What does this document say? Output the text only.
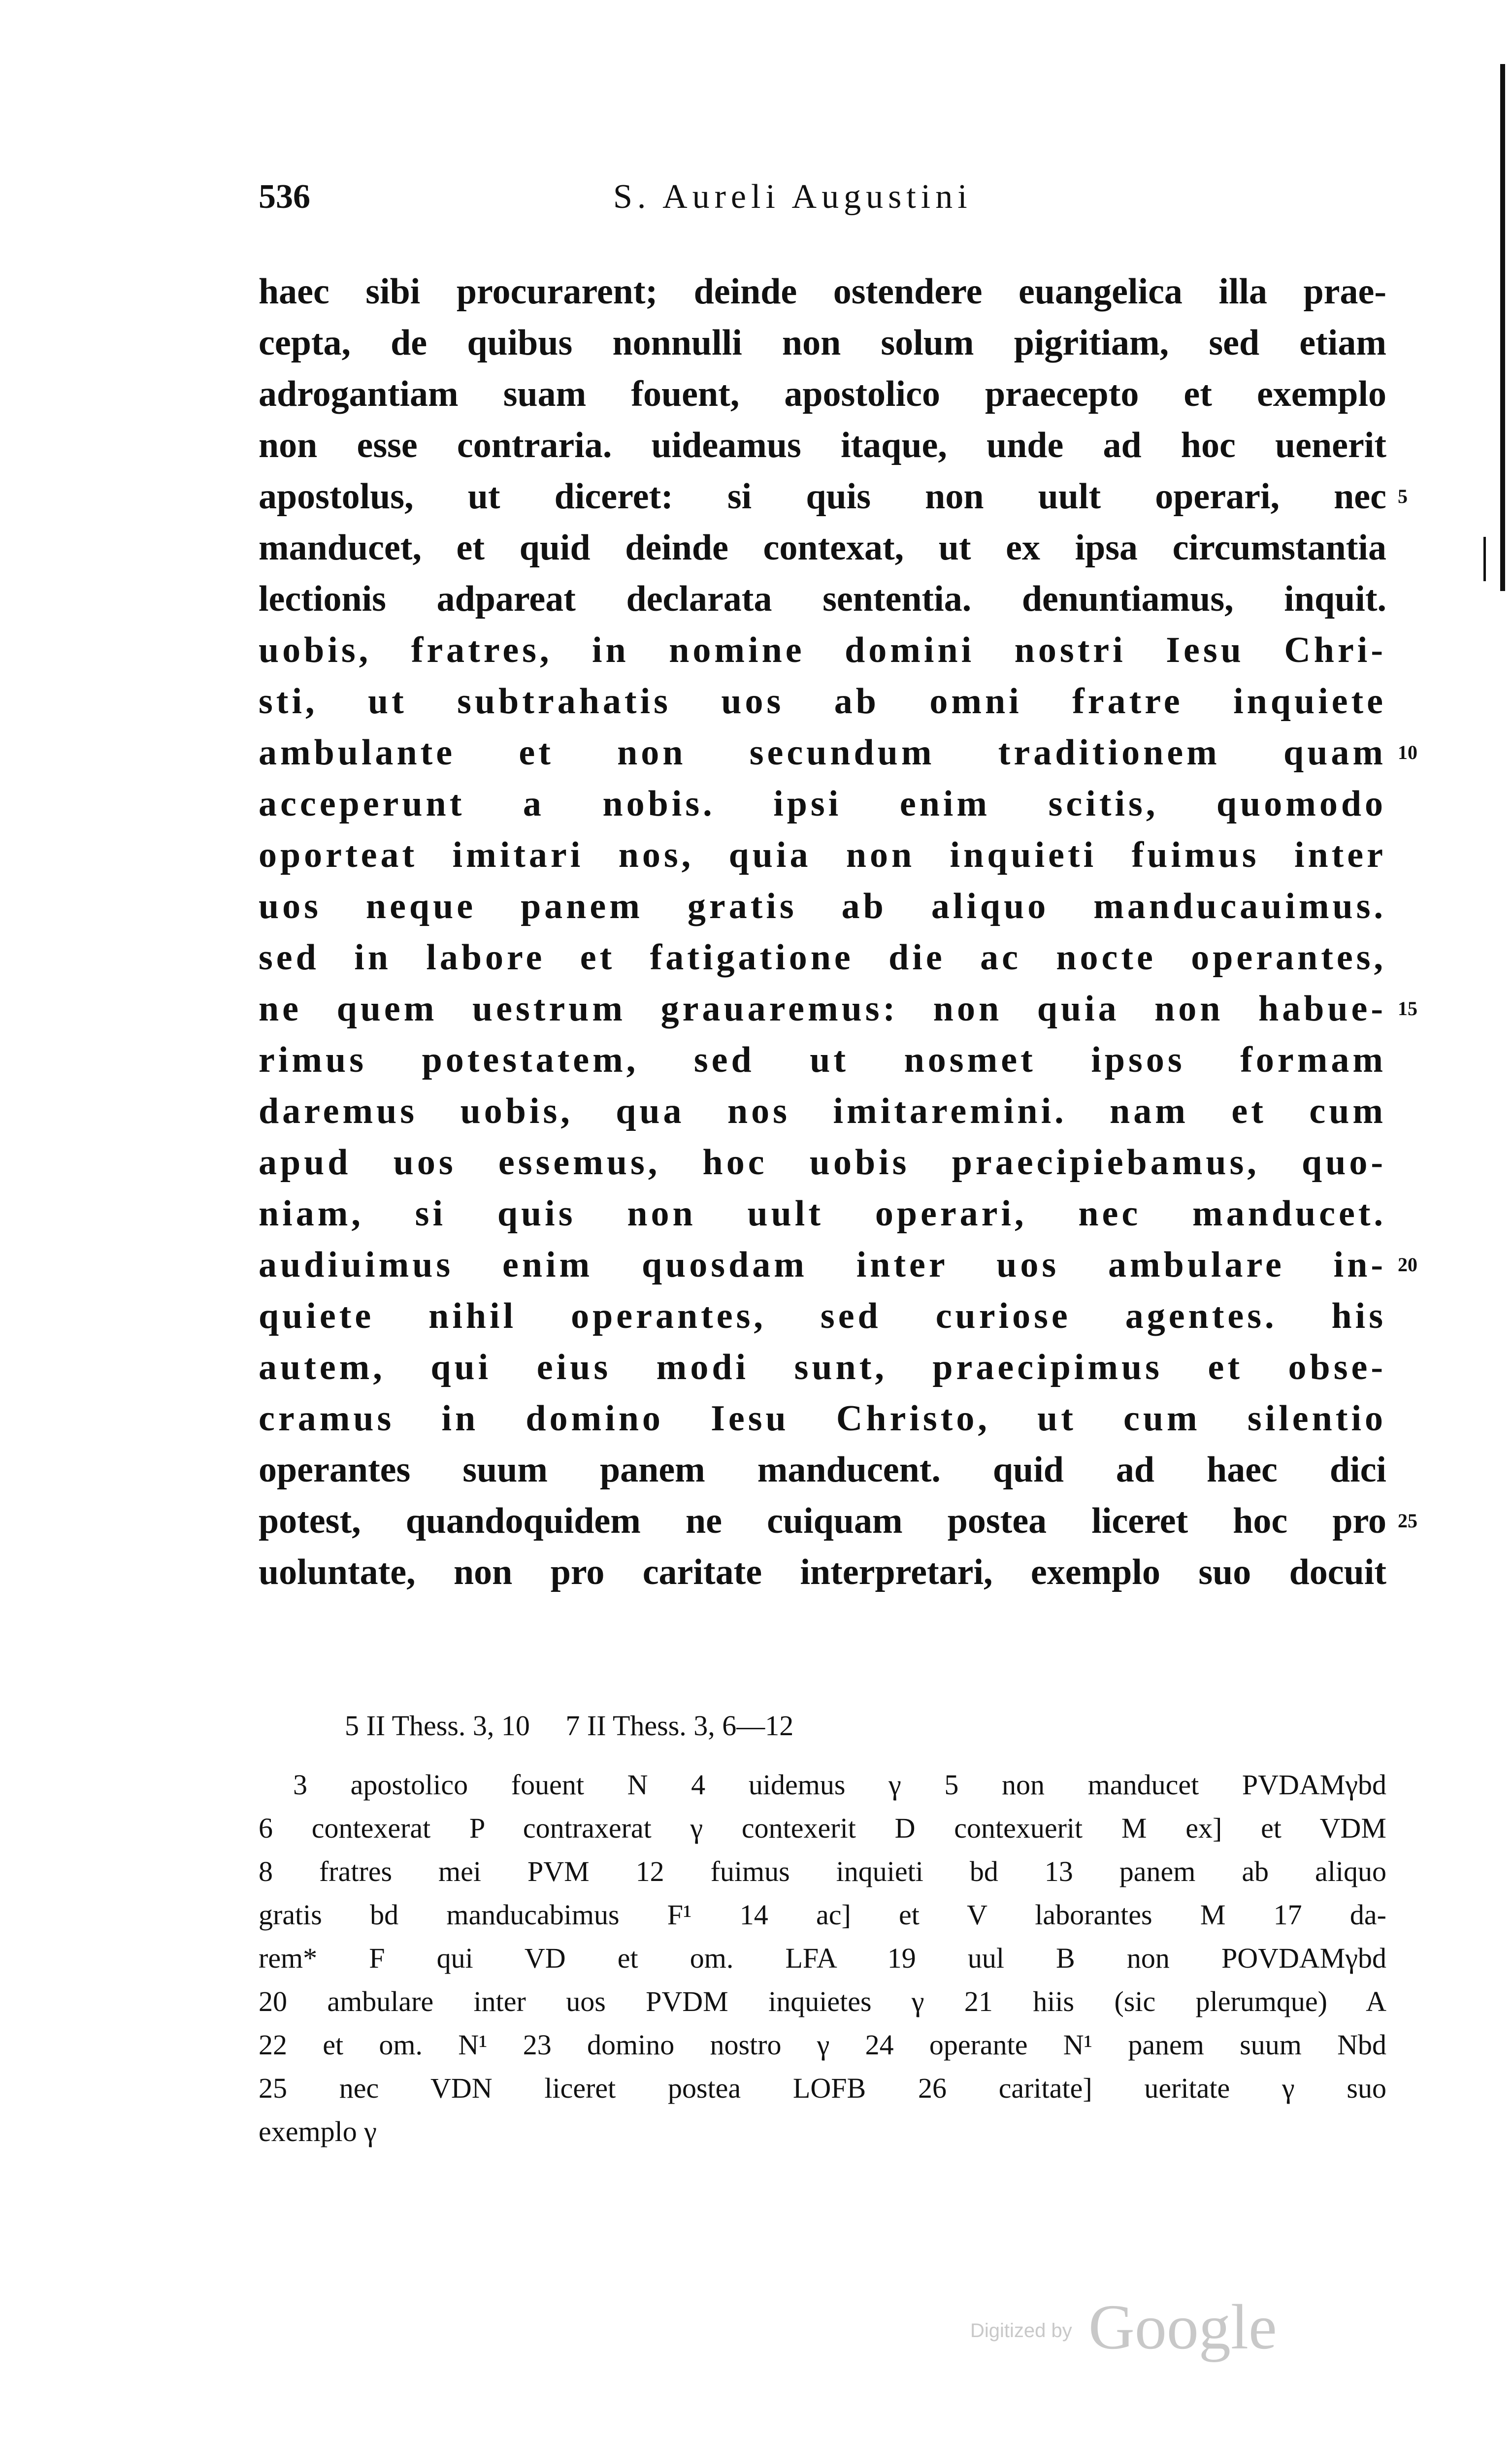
536	S. Aureli Augustini
haec sibi procurarent; deinde ostendere euangelica illa prae-
cepta, de quibus nonnulli non solum pigritiam, sed etiam
adrogantiam suam fouent, apostolico praecepto et exemplo
non esse contraria. uideamus itaque, unde ad hoc uenerit
apostolus, ut diceret: si quis non uult operari, nec
manducet, et quid deinde contexat, ut ex ipsa circumstantia
lectionis adpareat declarata sententia. denuntiamus, inquit.
uobis, fratres, in nomine domini nostri Iesu Chri-
sti, ut subtrahatis uos ab omni fratre inquiete
ambulante et non secundum traditionem quam
acceperunt a nobis. ipsi enim scitis, quomodo
oporteat imitari nos, quia non inquieti fuimus inter
uos neque panem gratis ab aliquo manducauimus.
sed in labore et fatigatione die ac nocte operantes,
ne quem uestrum grauaremus: non quia non habue-
rimus potestatem, sed ut nosmet ipsos formam
daremus uobis, qua nos imitaremini. nam et cum
apud uos essemus, hoc uobis praecipiebamus, quo-
niam, si quis non uult operari, nec manducet.
audiuimus enim quosdam inter uos ambulare in-
quiete nihil operantes, sed curiose agentes. his
autem, qui eius modi sunt, praecipimus et obse-
cramus in domino Iesu Christo, ut cum silentio
operantes suum panem manducent. quid ad haec dici
potest, quandoquidem ne cuiquam postea liceret hoc pro
uoluntate, non pro caritate interpretari, exemplo suo docuit
5
10
15
20
25
5 II Thess. 3, 10     7 II Thess. 3, 6—12
3 apostolico fouent N 4 uidemus γ 5 non manducet PVDAMγbd
6 contexerat P contraxerat γ contexerit D contexuerit M ex] et VDM
8 fratres mei PVM 12 fuimus inquieti bd 13 panem ab aliquo
gratis bd manducabimus F¹ 14 ac] et V laborantes M 17 da-
rem* F qui VD et om. LFA 19 uul B non POVDAMγbd
20 ambulare inter uos PVDM inquietes γ 21 hiis (sic plerumque) A
22 et om. N¹ 23 domino nostro γ 24 operante N¹ panem suum Nbd
25 nec VDN liceret postea LOFB 26 caritate] ueritate γ suo
exemplo γ
Digitized by Google
